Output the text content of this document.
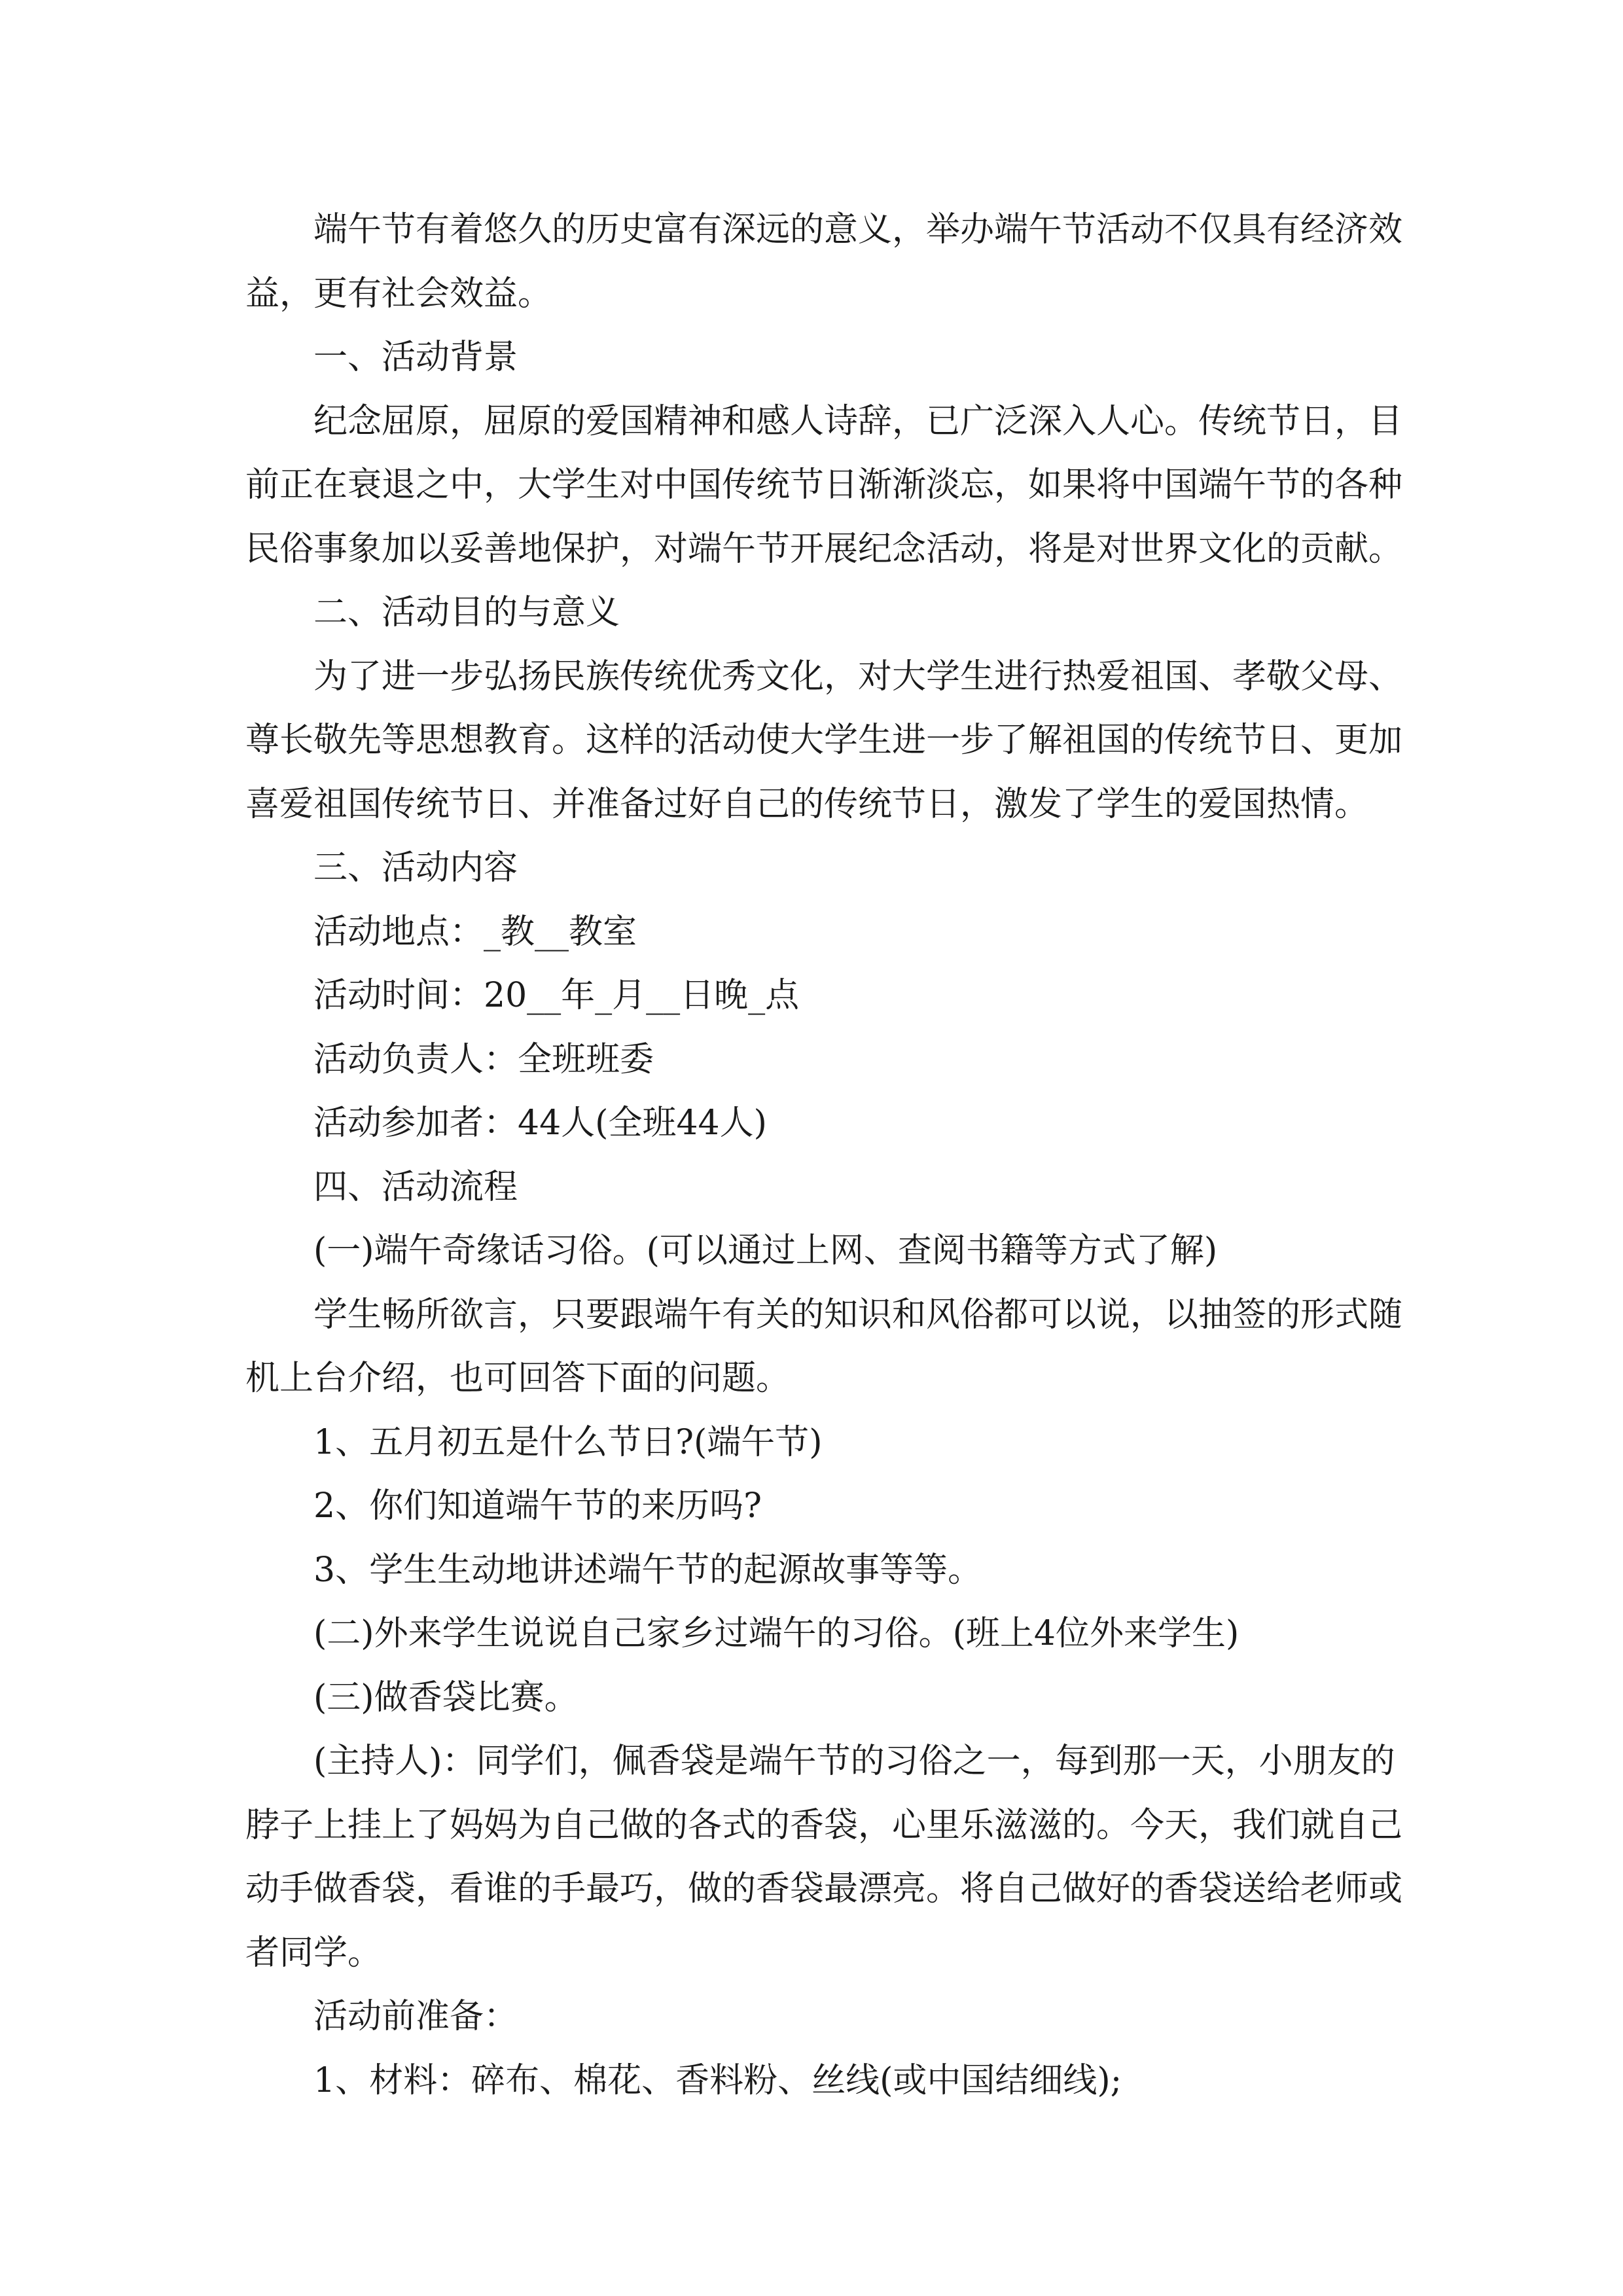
端午节有着悠久的历史富有深远的意义，举办端午节活动不仅具有经济效益，更有社会效益。

一、活动背景

纪念屈原，屈原的爱国精神和感人诗辞，已广泛深入人心。传统节日，目前正在衰退之中，大学生对中国传统节日渐渐淡忘，如果将中国端午节的各种民俗事象加以妥善地保护，对端午节开展纪念活动，将是对世界文化的贡献。

二、活动目的与意义

为了进一步弘扬民族传统优秀文化，对大学生进行热爱祖国、孝敬父母、尊长敬先等思想教育。这样的活动使大学生进一步了解祖国的传统节日、更加喜爱祖国传统节日、并准备过好自己的传统节日，激发了学生的爱国热情。

三、活动内容

活动地点：_教__教室

活动时间：20__年_月__日晚_点

活动负责人：全班班委

活动参加者：44人(全班44人)

四、活动流程

(一)端午奇缘话习俗。(可以通过上网、查阅书籍等方式了解)

学生畅所欲言，只要跟端午有关的知识和风俗都可以说，以抽签的形式随机上台介绍，也可回答下面的问题。

1、五月初五是什么节日?(端午节)

2、你们知道端午节的来历吗?

3、学生生动地讲述端午节的起源故事等等。

(二)外来学生说说自己家乡过端午的习俗。(班上4位外来学生)

(三)做香袋比赛。

(主持人)：同学们，佩香袋是端午节的习俗之一，每到那一天，小朋友的脖子上挂上了妈妈为自己做的各式的香袋，心里乐滋滋的。今天，我们就自己动手做香袋，看谁的手最巧，做的香袋最漂亮。将自己做好的香袋送给老师或者同学。

活动前准备：

1、材料：碎布、棉花、香料粉、丝线(或中国结细线);
